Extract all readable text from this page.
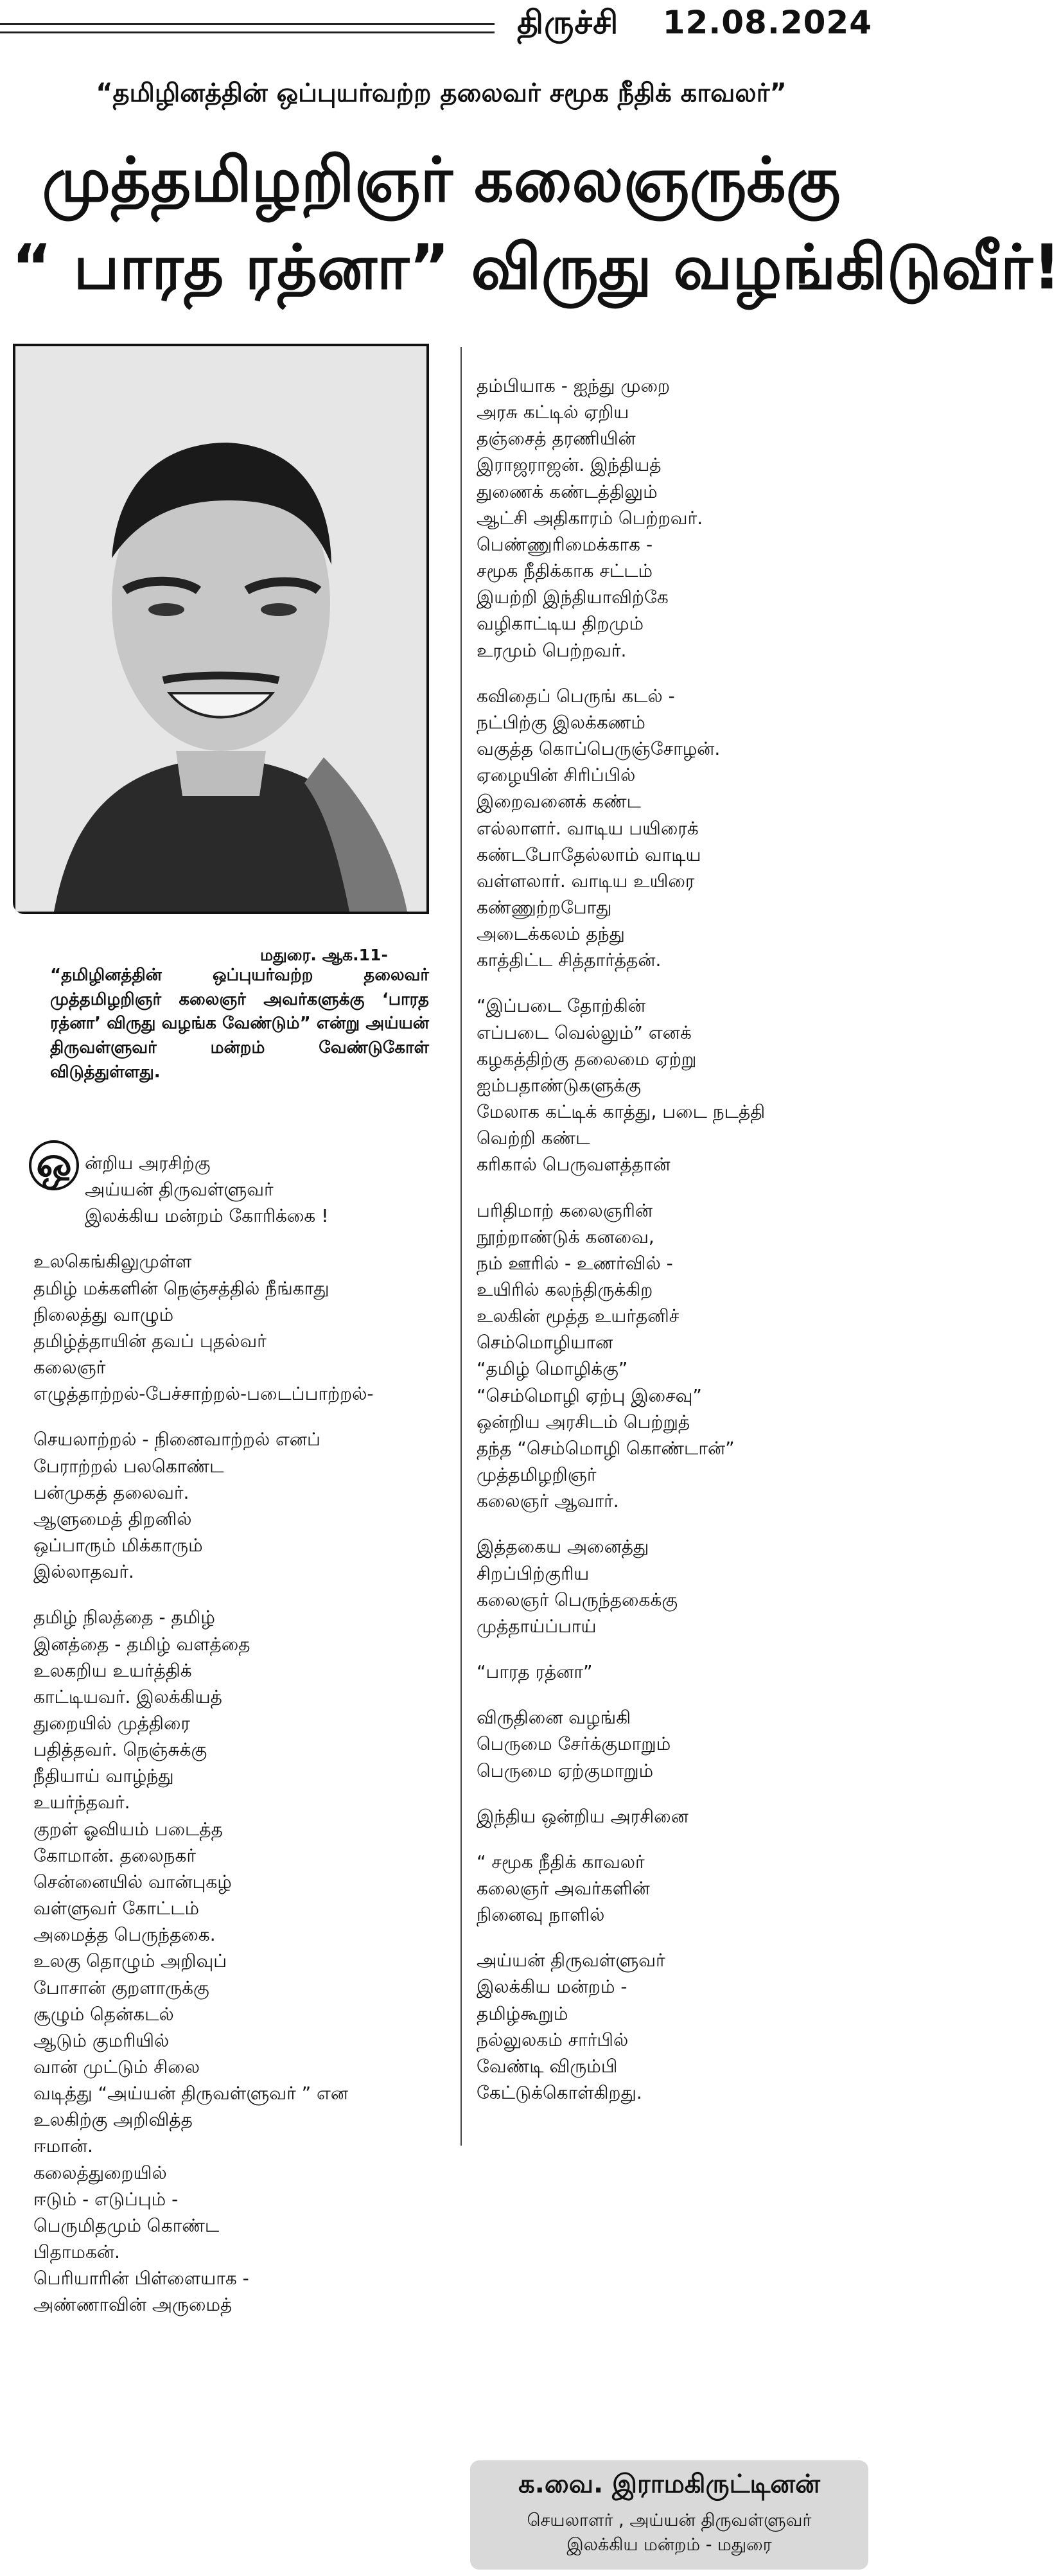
திருச்சி 12.08.2024
“தமிழினத்தின் ஒப்புயர்வற்ற தலைவர் சமூக நீதிக் காவலர்”
முத்தமிழறிஞர் கலைஞருக்கு
“ பாரத ரத்னா” விருது வழங்கிடுவீர்!
மதுரை. ஆக.11-
“தமிழினத்தின் ஒப்புயர்வற்ற தலைவர் முத்தமிழறிஞர் கலைஞர் அவர்களுக்கு ‘பாரத ரத்னா’ விருது வழங்க வேண்டும்” என்று அய்யன் திருவள்ளுவர் மன்றம் வேண்டுகோள் விடுத்துள்ளது.
ஒ ன்றிய அரசிற்கு
அய்யன் திருவள்ளுவர்
இலக்கிய மன்றம் கோரிக்கை !

உலகெங்கிலுமுள்ள
தமிழ் மக்களின் நெஞ்சத்தில் நீங்காது
நிலைத்து வாழும்
தமிழ்த்தாயின் தவப் புதல்வர்
கலைஞர்
எழுத்தாற்றல்-பேச்சாற்றல்-படைப்பாற்றல்-

செயலாற்றல் - நினைவாற்றல் எனப்
பேராற்றல் பலகொண்ட
பன்முகத் தலைவர்.
ஆளுமைத் திறனில்
ஒப்பாரும் மிக்காரும்
இல்லாதவர்.

தமிழ் நிலத்தை - தமிழ்
இனத்தை - தமிழ் வளத்தை
உலகறிய உயர்த்திக்
காட்டியவர். இலக்கியத்
துறையில் முத்திரை
பதித்தவர். நெஞ்சுக்கு
நீதியாய் வாழ்ந்து
உயர்ந்தவர்.
குறள் ஓவியம் படைத்த
கோமான். தலைநகர்
சென்னையில் வான்புகழ்
வள்ளுவர் கோட்டம்
அமைத்த பெருந்தகை.
உலகு தொழும் அறிவுப்
போசான் குறளாருக்கு
சூழும் தென்கடல்
ஆடும் குமரியில்
வான் முட்டும் சிலை
வடித்து “அய்யன் திருவள்ளுவர் ” என
உலகிற்கு அறிவித்த
ஈமான்.
கலைத்துறையில்
ஈடும் - எடுப்பும் -
பெருமிதமும் கொண்ட
பிதாமகன்.
பெரியாரின் பிள்ளையாக -
அண்ணாவின் அருமைத்

தம்பியாக - ஐந்து முறை
அரசு கட்டில் ஏறிய
தஞ்சைத் தரணியின்
இராஜராஜன். இந்தியத்
துணைக் கண்டத்திலும்
ஆட்சி அதிகாரம் பெற்றவர்.
பெண்ணுரிமைக்காக -
சமூக நீதிக்காக சட்டம்
இயற்றி இந்தியாவிற்கே
வழிகாட்டிய திறமும்
உரமும் பெற்றவர்.

கவிதைப் பெருங் கடல் -
நட்பிற்கு இலக்கணம்
வகுத்த கொப்பெருஞ்சோழன்.
ஏழையின் சிரிப்பில்
இறைவனைக் கண்ட
எல்லாளர். வாடிய பயிரைக்
கண்டபோதேல்லாம் வாடிய
வள்ளலார். வாடிய உயிரை
கண்ணுற்றபோது
அடைக்கலம் தந்து
காத்திட்ட சித்தார்த்தன்.

“இப்படை தோற்கின்
எப்படை வெல்லும்” எனக்
கழகத்திற்கு தலைமை ஏற்று
ஐம்பதாண்டுகளுக்கு
மேலாக கட்டிக் காத்து, படை நடத்தி
வெற்றி கண்ட
கரிகால் பெருவளத்தான்

பரிதிமாற் கலைஞரின்
நூற்றாண்டுக் கனவை,
நம் ஊரில் - உணர்வில் -
உயிரில் கலந்திருக்கிற
உலகின் மூத்த உயர்தனிச்
செம்மொழியான
“தமிழ் மொழிக்கு”
“செம்மொழி ஏற்பு இசைவு”
ஒன்றிய அரசிடம் பெற்றுத்
தந்த “செம்மொழி கொண்டான்”
முத்தமிழறிஞர்
கலைஞர் ஆவார்.

இத்தகைய அனைத்து
சிறப்பிற்குரிய
கலைஞர் பெருந்தகைக்கு
முத்தாய்ப்பாய்

“பாரத ரத்னா”

விருதினை வழங்கி
பெருமை சேர்க்குமாறும்
பெருமை ஏற்குமாறும்

இந்திய ஒன்றிய அரசினை

“ சமூக நீதிக் காவலர்
கலைஞர் அவர்களின்
நினைவு நாளில்

அய்யன் திருவள்ளுவர்
இலக்கிய மன்றம் -
தமிழ்கூறும்
நல்லுலகம் சார்பில்
வேண்டி விரும்பி
கேட்டுக்கொள்கிறது.

க.வை. இராமகிருட்டினன்
செயலாளர் , அய்யன் திருவள்ளுவர்
இலக்கிய மன்றம் - மதுரை
